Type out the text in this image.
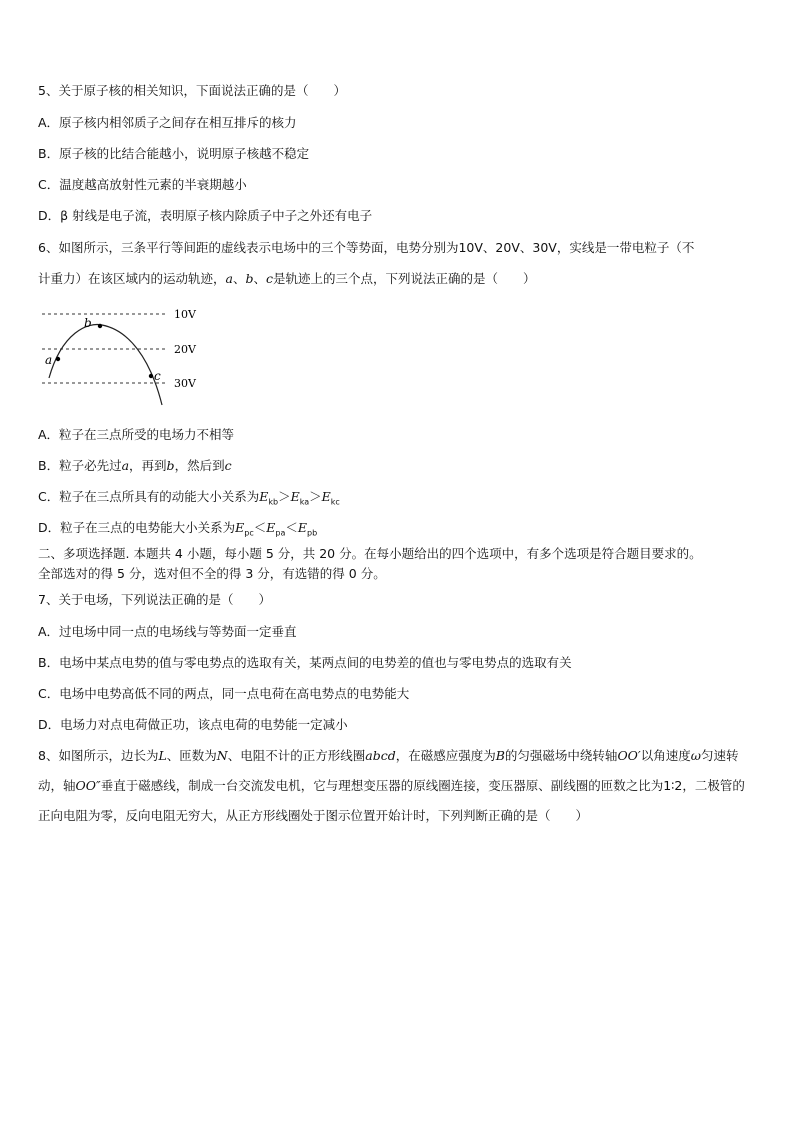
5、关于原子核的相关知识，下面说法正确的是（　　）
A．原子核内相邻质子之间存在相互排斥的核力
B．原子核的比结合能越小，说明原子核越不稳定
C．温度越高放射性元素的半衰期越小
D．β 射线是电子流，表明原子核内除质子中子之外还有电子
6、如图所示，三条平行等间距的虚线表示电场中的三个等势面，电势分别为10V、20V、30V，实线是一带电粒子（不
计重力）在该区域内的运动轨迹，a、b、c是轨迹上的三个点，下列说法正确的是（　　）
10V
20V
30V
a
b
c
A．粒子在三点所受的电场力不相等
B．粒子必先过a，再到b，然后到c
C．粒子在三点所具有的动能大小关系为$E_{kb}>E_{ka}>E_{kc}$
D．粒子在三点的电势能大小关系为$E_{pc}<E_{pa}<E_{pb}$
二、多项选择题. 本题共 4 小题，每小题 5 分，共 20 分。在每小题给出的四个选项中，有多个选项是符合题目要求的。
全部选对的得 5 分，选对但不全的得 3 分，有选错的得 0 分。
7、关于电场，下列说法正确的是（　　）
A．过电场中同一点的电场线与等势面一定垂直
B．电场中某点电势的值与零电势点的选取有关，某两点间的电势差的值也与零电势点的选取有关
C．电场中电势高低不同的两点，同一点电荷在高电势点的电势能大
D．电场力对点电荷做正功，该点电荷的电势能一定减小
8、如图所示，边长为L、匝数为N、电阻不计的正方形线圈abcd，在磁感应强度为B的匀强磁场中绕转轴OO′以角速度ω匀速转动，轴OO″垂直于磁感线，制成一台交流发电机，它与理想变压器的原线圈连接，变压器原、副线圈的匝数之比为1∶2，二极管的正向电阻为零，反向电阻无穷大，从正方形线圈处于图示位置开始计时，下列判断正确的是（　　）
